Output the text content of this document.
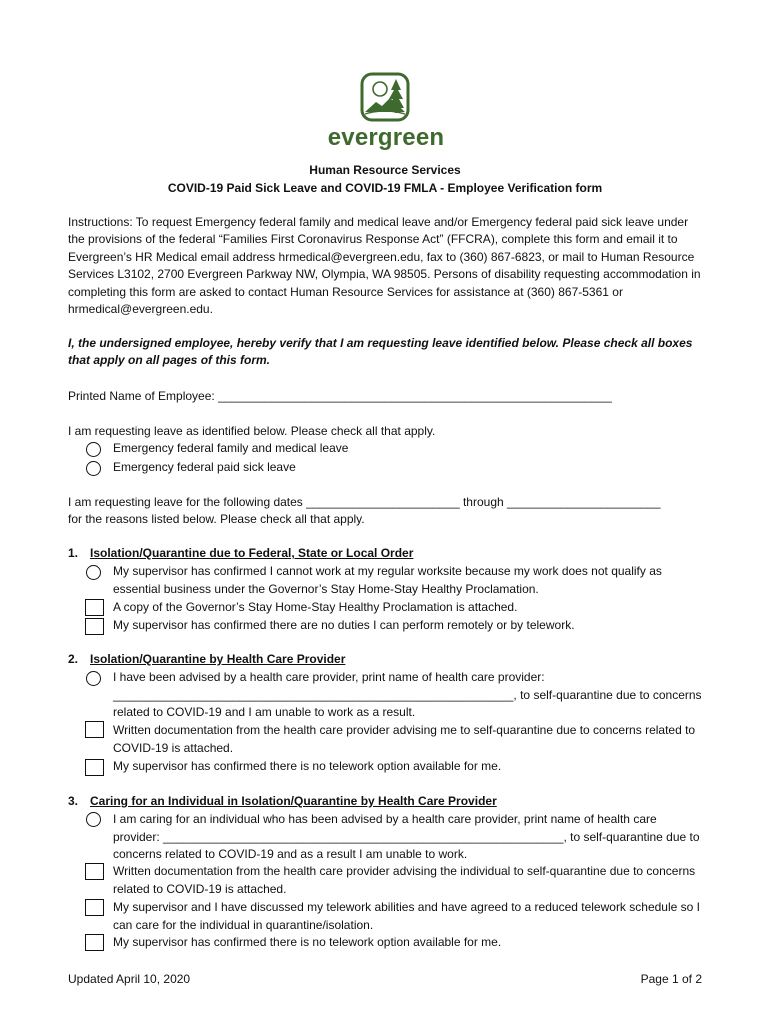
evergreen
Human Resource Services
COVID-19 Paid Sick Leave and COVID-19 FMLA - Employee Verification form

Instructions: To request Emergency federal family and medical leave and/or Emergency federal paid sick leave under the provisions of the federal “Families First Coronavirus Response Act” (FFCRA), complete this form and email it to Evergreen’s HR Medical email address hrmedical@evergreen.edu, fax to (360) 867-6823, or mail to Human Resource Services L3102, 2700 Evergreen Parkway NW, Olympia, WA 98505. Persons of disability requesting accommodation in completing this form are asked to contact Human Resource Services for assistance at (360) 867-5361 or hrmedical@evergreen.edu.

I, the undersigned employee, hereby verify that I am requesting leave identified below. Please check all boxes that apply on all pages of this form.

Printed Name of Employee: ___________________________________________________________
I am requesting leave as identified below. Please check all that apply.
Emergency federal family and medical leave
Emergency federal paid sick leave
I am requesting leave for the following dates _______________________ through _______________________
for the reasons listed below. Please check all that apply.
1. Isolation/Quarantine due to Federal, State or Local Order

My supervisor has confirmed I cannot work at my regular worksite because my work does not qualify as essential business under the Governor’s Stay Home-Stay Healthy Proclamation.

A copy of the Governor’s Stay Home-Stay Healthy Proclamation is attached.

My supervisor has confirmed there are no duties I can perform remotely or by telework.

2. Isolation/Quarantine by Health Care Provider

I have been advised by a health care provider, print name of health care provider: ____________________________________________________________, to self-quarantine due to concerns related to COVID-19 and I am unable to work as a result.

Written documentation from the health care provider advising me to self-quarantine due to concerns related to COVID-19 is attached.

My supervisor has confirmed there is no telework option available for me.

3. Caring for an Individual in Isolation/Quarantine by Health Care Provider

I am caring for an individual who has been advised by a health care provider, print name of health care provider: ____________________________________________________________, to self-quarantine due to concerns related to COVID-19 and as a result I am unable to work.

Written documentation from the health care provider advising the individual to self-quarantine due to concerns related to COVID-19 is attached.

My supervisor and I have discussed my telework abilities and have agreed to a reduced telework schedule so I can care for the individual in quarantine/isolation.

My supervisor has confirmed there is no telework option available for me.

Updated April 10, 2020	Page 1 of 2
